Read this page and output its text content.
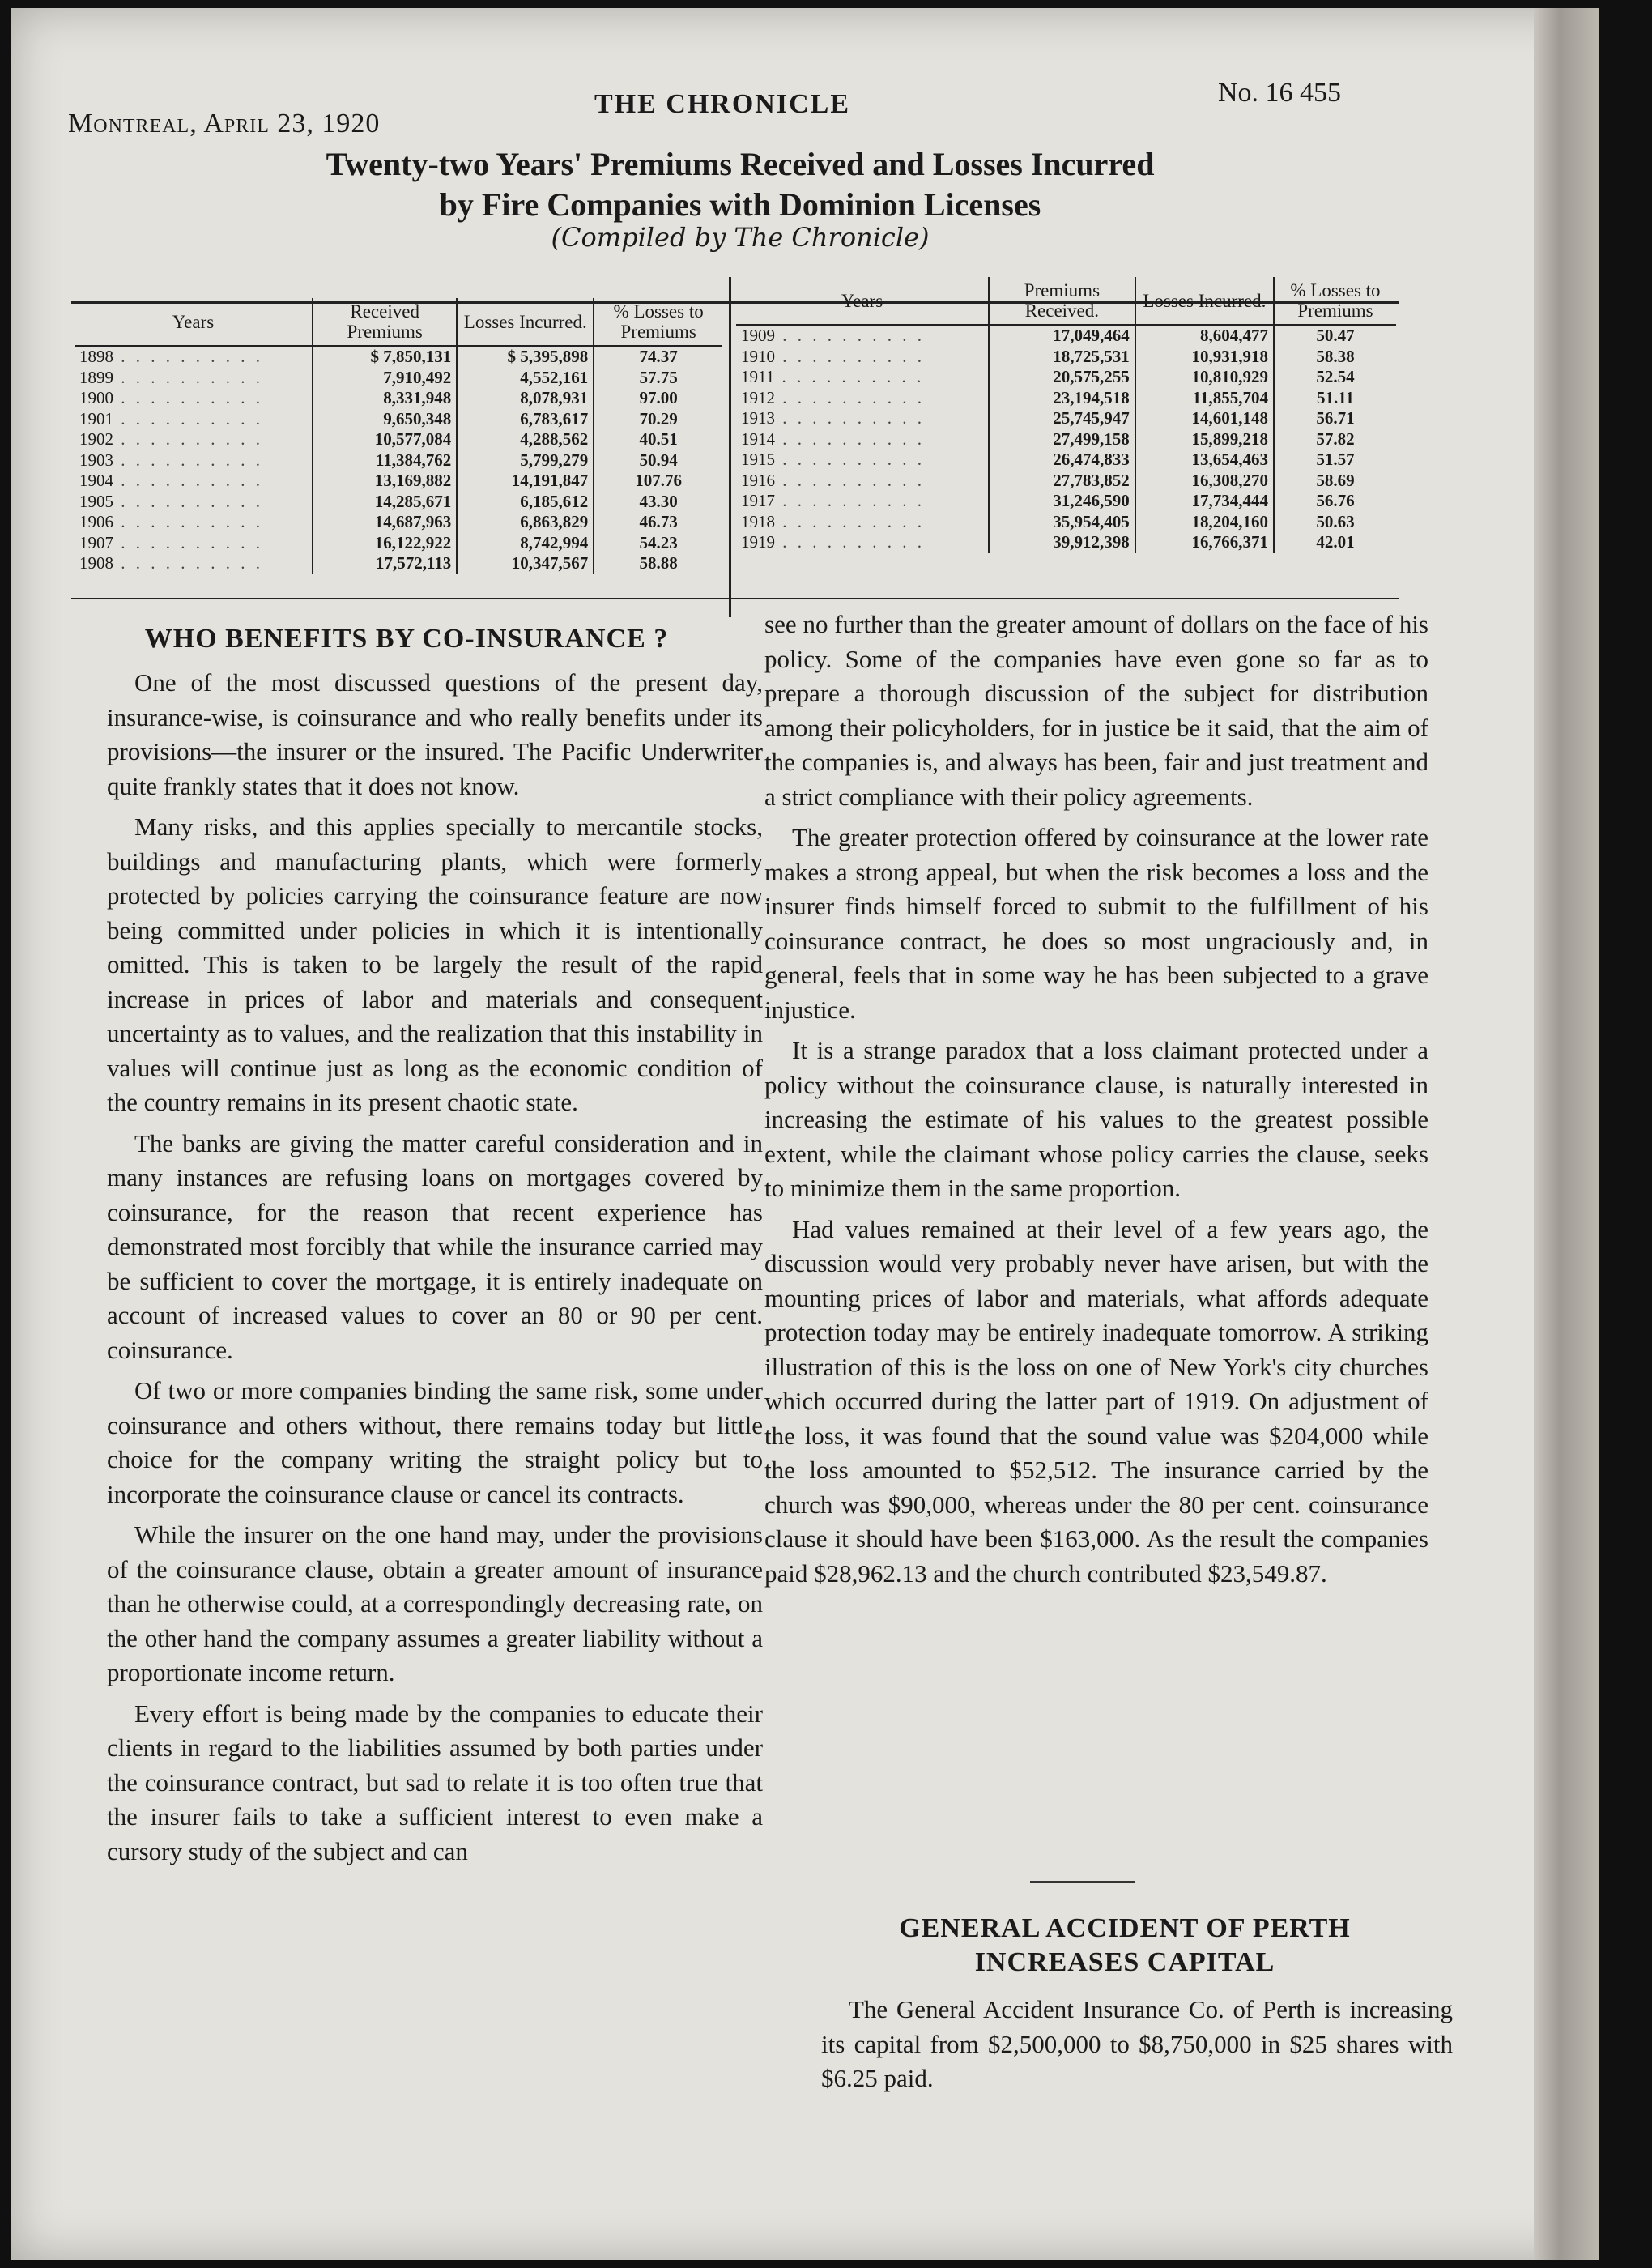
Montreal, April 23, 1920
THE CHRONICLE	No. 16 455
Twenty-two Years' Premiums Received and Losses Incurred
by Fire Companies with Dominion Licenses
(Compiled by The Chronicle)
Years	Received Premiums	Losses Incurred.	% Losses to Premiums
1898 . . . . . . . . . .	$ 7,850,131	$ 5,395,898	74.37
1899 . . . . . . . . . .	7,910,492	4,552,161	57.75
1900 . . . . . . . . . .	8,331,948	8,078,931	97.00
1901 . . . . . . . . . .	9,650,348	6,783,617	70.29
1902 . . . . . . . . . .	10,577,084	4,288,562	40.51
1903 . . . . . . . . . .	11,384,762	5,799,279	50.94
1904 . . . . . . . . . .	13,169,882	14,191,847	107.76
1905 . . . . . . . . . .	14,285,671	6,185,612	43.30
1906 . . . . . . . . . .	14,687,963	6,863,829	46.73
1907 . . . . . . . . . .	16,122,922	8,742,994	54.23
1908 . . . . . . . . . .	17,572,113	10,347,567	58.88
Years	Premiums Received.	Losses Incurred.	% Losses to Premiums
1909 . . . . . . . . . .	17,049,464	8,604,477	50.47
1910 . . . . . . . . . .	18,725,531	10,931,918	58.38
1911 . . . . . . . . . .	20,575,255	10,810,929	52.54
1912 . . . . . . . . . .	23,194,518	11,855,704	51.11
1913 . . . . . . . . . .	25,745,947	14,601,148	56.71
1914 . . . . . . . . . .	27,499,158	15,899,218	57.82
1915 . . . . . . . . . .	26,474,833	13,654,463	51.57
1916 . . . . . . . . . .	27,783,852	16,308,270	58.69
1917 . . . . . . . . . .	31,246,590	17,734,444	56.76
1918 . . . . . . . . . .	35,954,405	18,204,160	50.63
1919 . . . . . . . . . .	39,912,398	16,766,371	42.01
WHO BENEFITS BY CO-INSURANCE ?

One of the most discussed questions of the present day, insurance-wise, is coinsurance and who really benefits under its provisions—the insurer or the insured. The Pacific Underwriter quite frankly states that it does not know.

Many risks, and this applies specially to mercantile stocks, buildings and manufacturing plants, which were formerly protected by policies carrying the coinsurance feature are now being committed under policies in which it is intentionally omitted. This is taken to be largely the result of the rapid increase in prices of labor and materials and consequent uncertainty as to values, and the realization that this instability in values will continue just as long as the economic condition of the country remains in its present chaotic state.

The banks are giving the matter careful consideration and in many instances are refusing loans on mortgages covered by coinsurance, for the reason that recent experience has demonstrated most forcibly that while the insurance carried may be sufficient to cover the mortgage, it is entirely inadequate on account of increased values to cover an 80 or 90 per cent. coinsurance.

Of two or more companies binding the same risk, some under coinsurance and others without, there remains today but little choice for the company writing the straight policy but to incorporate the coinsurance clause or cancel its contracts.

While the insurer on the one hand may, under the provisions of the coinsurance clause, obtain a greater amount of insurance than he otherwise could, at a correspondingly decreasing rate, on the other hand the company assumes a greater liability without a proportionate income return.

Every effort is being made by the companies to educate their clients in regard to the liabilities assumed by both parties under the coinsurance contract, but sad to relate it is too often true that the insurer fails to take a sufficient interest to even make a cursory study of the subject and can

see no further than the greater amount of dollars on the face of his policy. Some of the companies have even gone so far as to prepare a thorough discussion of the subject for distribution among their policyholders, for in justice be it said, that the aim of the companies is, and always has been, fair and just treatment and a strict compliance with their policy agreements.

The greater protection offered by coinsurance at the lower rate makes a strong appeal, but when the risk becomes a loss and the insurer finds himself forced to submit to the fulfillment of his coinsurance contract, he does so most ungraciously and, in general, feels that in some way he has been subjected to a grave injustice.

It is a strange paradox that a loss claimant protected under a policy without the coinsurance clause, is naturally interested in increasing the estimate of his values to the greatest possible extent, while the claimant whose policy carries the clause, seeks to minimize them in the same proportion.

Had values remained at their level of a few years ago, the discussion would very probably never have arisen, but with the mounting prices of labor and materials, what affords adequate protection today may be entirely inadequate tomorrow. A striking illustration of this is the loss on one of New York's city churches which occurred during the latter part of 1919. On adjustment of the loss, it was found that the sound value was $204,000 while the loss amounted to $52,512. The insurance carried by the church was $90,000, whereas under the 80 per cent. coinsurance clause it should have been $163,000. As the result the companies paid $28,962.13 and the church contributed $23,549.87.

GENERAL ACCIDENT OF PERTH INCREASES CAPITAL

The General Accident Insurance Co. of Perth is increasing its capital from $2,500,000 to $8,750,000 in $25 shares with $6.25 paid.
